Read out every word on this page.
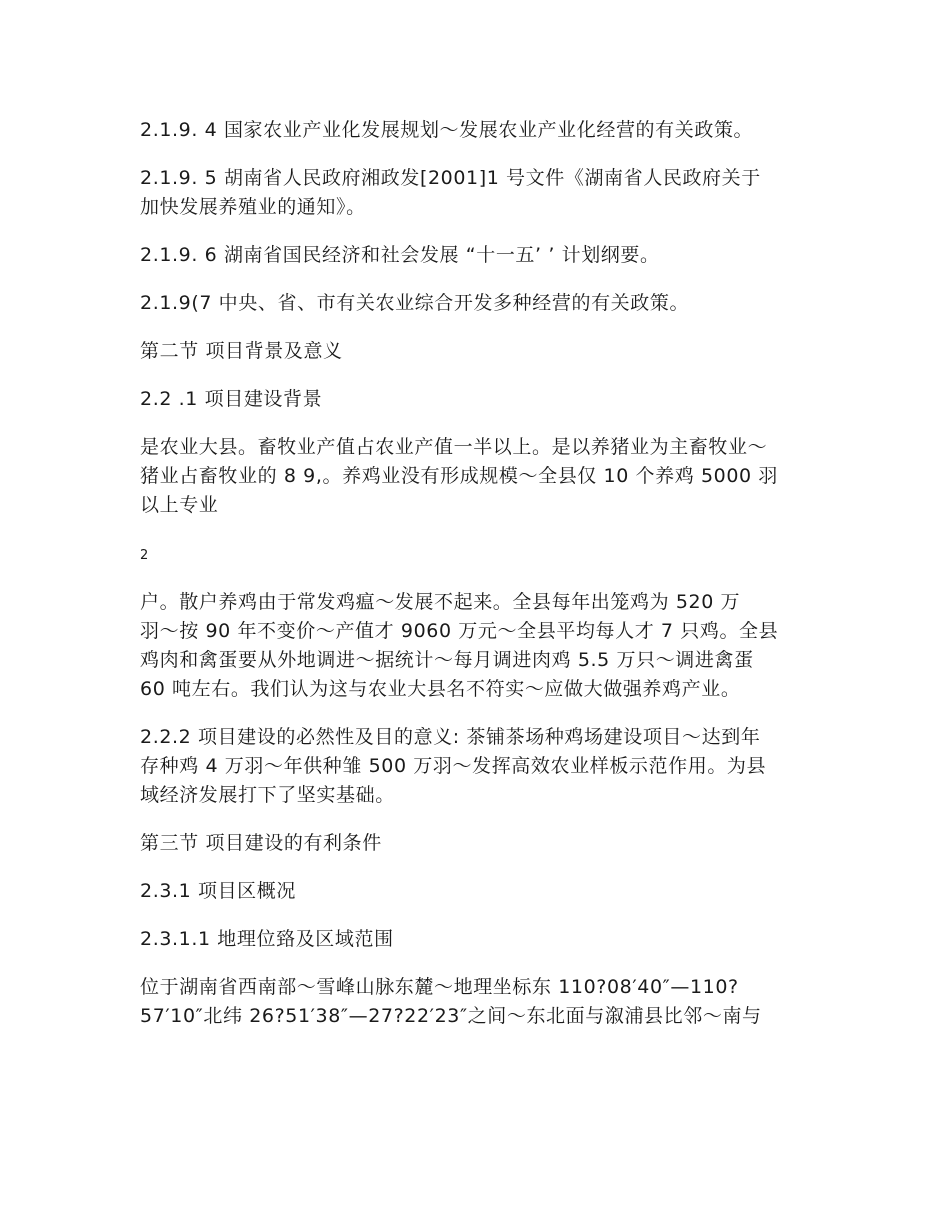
2.1.9. 4 国家农业产业化发展规划～发展农业产业化经营的有关政策。
2.1.9. 5 胡南省人民政府湘政发[2001]1 号文件《湖南省人民政府关于
加快发展养殖业的通知》。
2.1.9. 6 湖南省国民经济和社会发展 “十一五’ ’ 计划纲要。
2.1.9(7 中央、省、市有关农业综合开发多种经营的有关政策。
第二节 项目背景及意义
2.2 .1 项目建设背景
是农业大县。畜牧业产值占农业产值一半以上。是以养猪业为主畜牧业～
猪业占畜牧业的 8 9,。养鸡业没有形成规模～全县仅 10 个养鸡 5000 羽
以上专业
2
户。散户养鸡由于常发鸡瘟～发展不起来。全县每年出笼鸡为 520 万
羽～按 90 年不变价～产值才 9060 万元～全县平均每人才 7 只鸡。全县
鸡肉和禽蛋要从外地调进～据统计～每月调进肉鸡 5.5 万只～调进禽蛋
60 吨左右。我们认为这与农业大县名不符实～应做大做强养鸡产业。
2.2.2 项目建设的必然性及目的意义: 茶铺茶场种鸡场建设项目～达到年
存种鸡 4 万羽～年供种雏 500 万羽～发挥高效农业样板示范作用。为县
域经济发展打下了坚实基础。
第三节 项目建设的有利条件
2.3.1 项目区概况
2.3.1.1 地理位臵及区域范围
位于湖南省西南部～雪峰山脉东麓～地理坐标东 110?08′40″—110?
57′10″北纬 26?51′38″—27?22′23″之间～东北面与溆浦县比邻～南与
